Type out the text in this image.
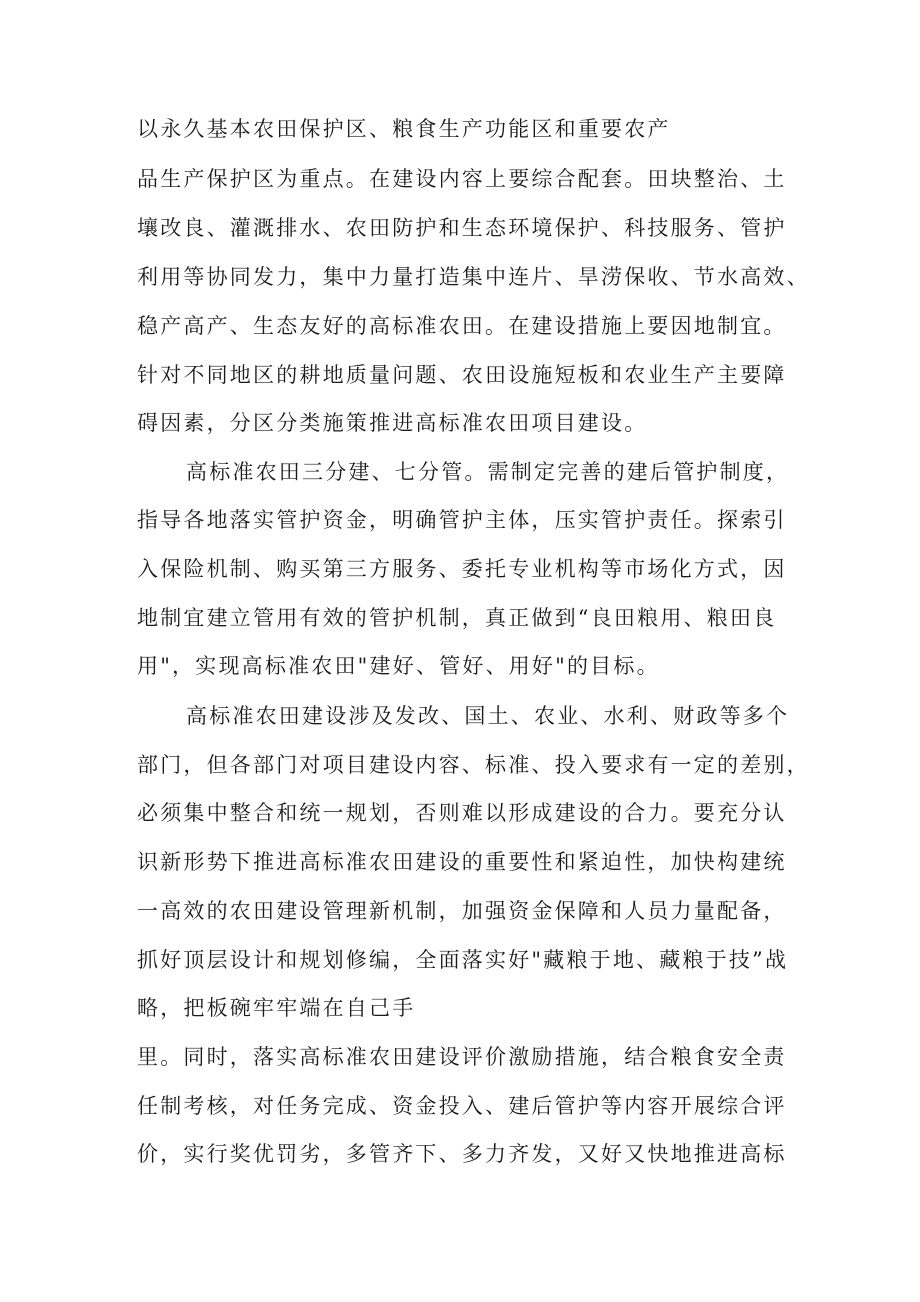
以永久基本农田保护区、粮食生产功能区和重要农产
品生产保护区为重点。在建设内容上要综合配套。田块整治、土
壤改良、灌溉排水、农田防护和生态环境保护、科技服务、管护
利用等协同发力，集中力量打造集中连片、旱涝保收、节水高效、
稳产高产、生态友好的高标准农田。在建设措施上要因地制宜。
针对不同地区的耕地质量问题、农田设施短板和农业生产主要障
碍因素，分区分类施策推进高标准农田项目建设。
高标准农田三分建、七分管。需制定完善的建后管护制度，
指导各地落实管护资金，明确管护主体，压实管护责任。探索引
入保险机制、购买第三方服务、委托专业机构等市场化方式，因
地制宜建立管用有效的管护机制，真正做到“良田粮用、粮田良
用"，实现高标准农田"建好、管好、用好"的目标。
高标准农田建设涉及发改、国土、农业、水利、财政等多个
部门，但各部门对项目建设内容、标准、投入要求有一定的差别，
必须集中整合和统一规划，否则难以形成建设的合力。要充分认
识新形势下推进高标准农田建设的重要性和紧迫性，加快构建统
一高效的农田建设管理新机制，加强资金保障和人员力量配备，
抓好顶层设计和规划修编，全面落实好"藏粮于地、藏粮于技”战
略，把板碗牢牢端在自己手
里。同时，落实高标准农田建设评价激励措施，结合粮食安全责
任制考核，对任务完成、资金投入、建后管护等内容开展综合评
价，实行奖优罚劣，多管齐下、多力齐发，又好又快地推进高标
